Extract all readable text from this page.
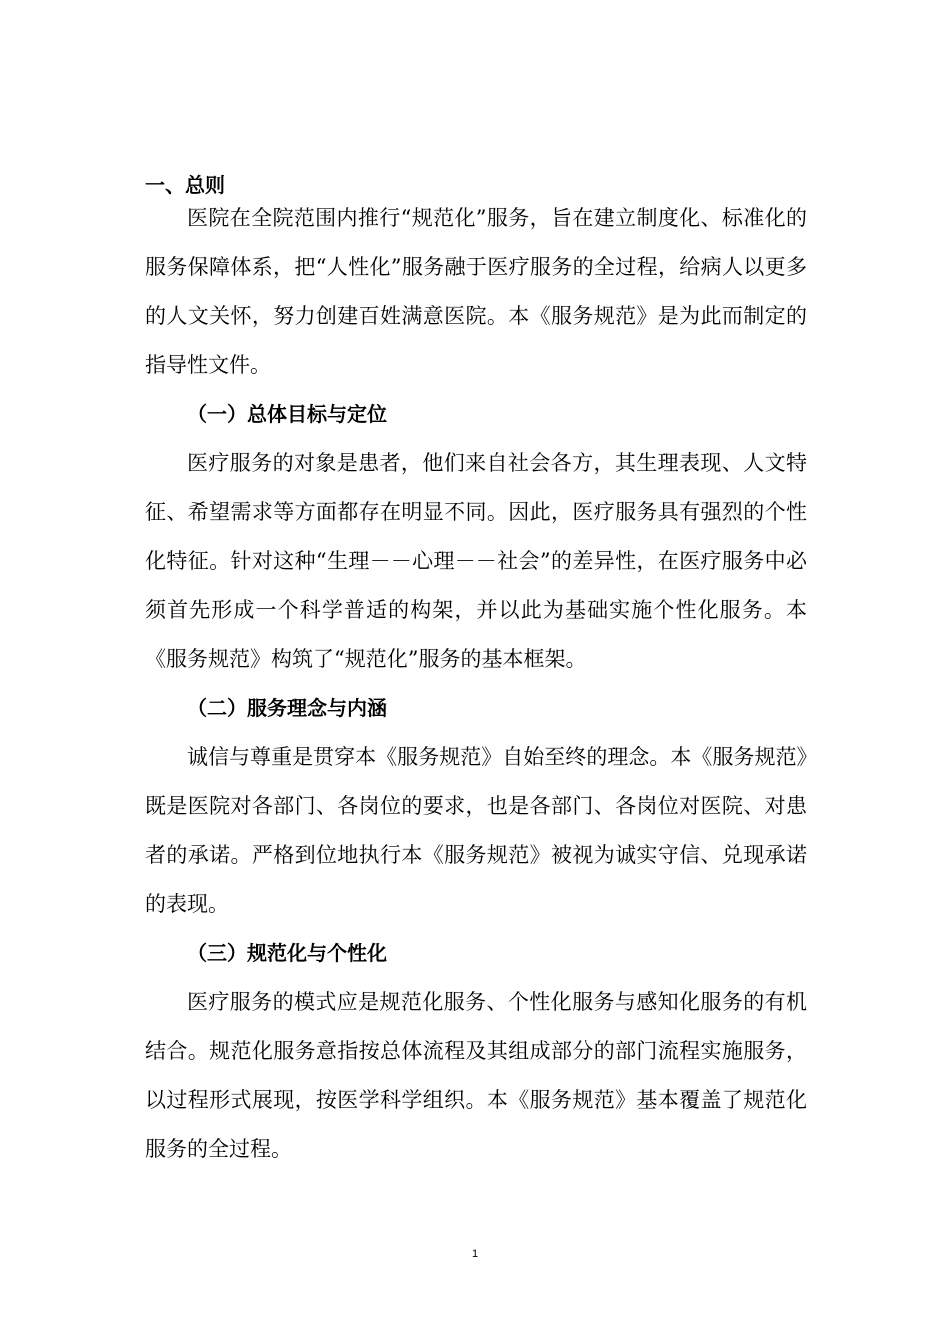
一、总则

医院在全院范围内推行“规范化”服务，旨在建立制度化、标准化的服务保障体系，把“人性化”服务融于医疗服务的全过程，给病人以更多的人文关怀，努力创建百姓满意医院。本《服务规范》是为此而制定的指导性文件。

（一）总体目标与定位

医疗服务的对象是患者，他们来自社会各方，其生理表现、人文特征、希望需求等方面都存在明显不同。因此，医疗服务具有强烈的个性化特征。针对这种“生理－－心理－－社会”的差异性，在医疗服务中必须首先形成一个科学普适的构架，并以此为基础实施个性化服务。本《服务规范》构筑了“规范化”服务的基本框架。

（二）服务理念与内涵

诚信与尊重是贯穿本《服务规范》自始至终的理念。本《服务规范》既是医院对各部门、各岗位的要求，也是各部门、各岗位对医院、对患者的承诺。严格到位地执行本《服务规范》被视为诚实守信、兑现承诺的表现。

（三）规范化与个性化

医疗服务的模式应是规范化服务、个性化服务与感知化服务的有机结合。规范化服务意指按总体流程及其组成部分的部门流程实施服务，以过程形式展现，按医学科学组织。本《服务规范》基本覆盖了规范化服务的全过程。

1
